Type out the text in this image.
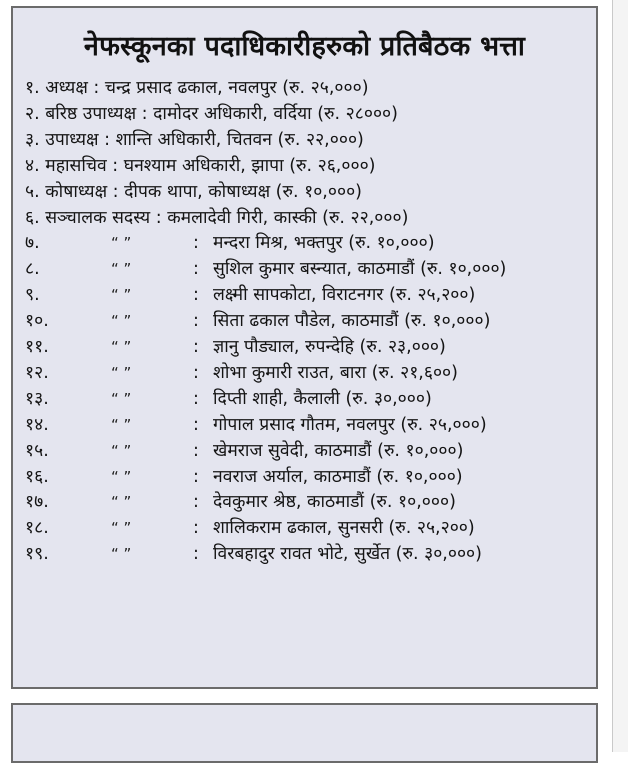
नेफस्कूनका पदाधिकारीहरुको प्रतिबैठक भत्ता
१. अध्यक्ष : चन्द्र प्रसाद ढकाल, नवलपुर (रु. २५,०००)
२. बरिष्ठ उपाध्यक्ष : दामोदर अधिकारी, वर्दिया (रु. २८०००)
३. उपाध्यक्ष : शान्ति अधिकारी, चितवन (रु. २२,०००)
४. महासचिव : घनश्याम अधिकारी, झापा (रु. २६,०००)
५. कोषाध्यक्ष : दीपक थापा, कोषाध्यक्ष (रु. १०,०००)
६. सञ्चालक सदस्य : कमलादेवी गिरी, कास्की (रु. २२,०००)
७.	“ ”	: मन्दरा मिश्र, भक्तपुर (रु. १०,०००)
८.	“ ”	: सुशिल कुमार बस्न्यात, काठमाडौं (रु. १०,०००)
९.	“ ”	: लक्ष्मी सापकोटा, विराटनगर (रु. २५,२००)
१०.	“ ”	: सिता ढकाल पौडेल, काठमाडौं (रु. १०,०००)
११.	“ ”	: ज्ञानु पौड्याल, रुपन्देहि (रु. २३,०००)
१२.	“ ”	: शोभा कुमारी राउत, बारा (रु. २१,६००)
१३.	“ ”	: दिप्ती शाही, कैलाली (रु. ३०,०००)
१४.	“ ”	: गोपाल प्रसाद गौतम, नवलपुर (रु. २५,०००)
१५.	“ ”	: खेमराज सुवेदी, काठमाडौं (रु. १०,०००)
१६.	“ ”	: नवराज अर्याल, काठमाडौं (रु. १०,०००)
१७.	“ ”	: देवकुमार श्रेष्ठ, काठमाडौं (रु. १०,०००)
१८.	“ ”	: शालिकराम ढकाल, सुनसरी (रु. २५,२००)
१९.	“ ”	: विरबहादुर रावत भोटे, सुर्खेत (रु. ३०,०००)
